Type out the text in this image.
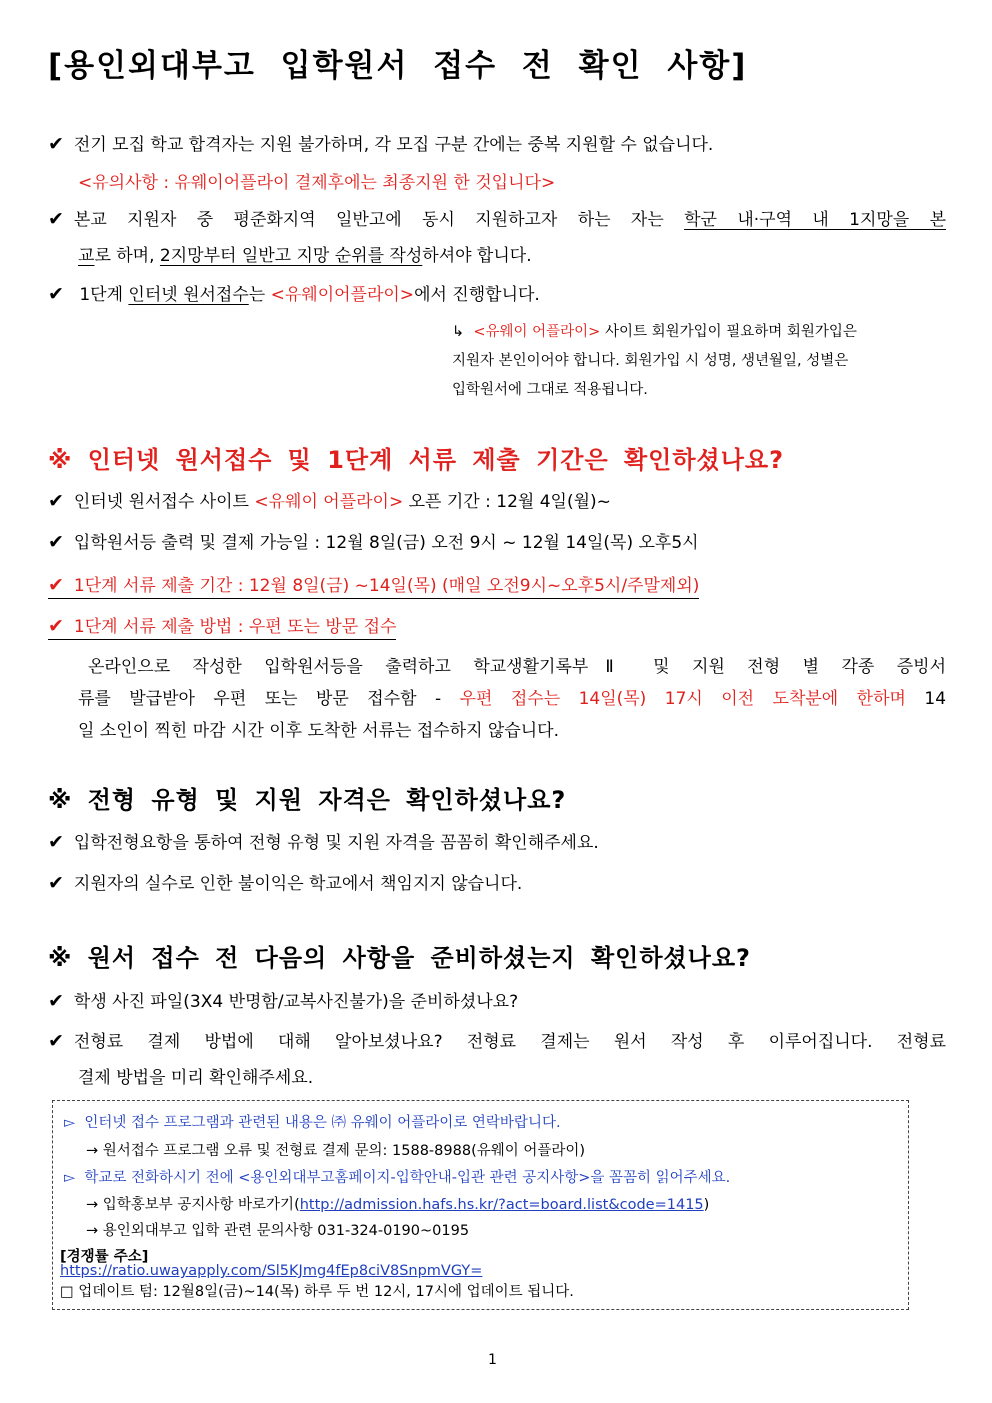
[용인외대부고 입학원서 접수 전 확인 사항]
✔ 전기 모집 학교 합격자는 지원 불가하며, 각 모집 구분 간에는 중복 지원할 수 없습니다.
<유의사항 : 유웨이어플라이 결제후에는 최종지원 한 것입니다>
✔ 본교 지원자 중 평준화지역 일반고에 동시 지원하고자 하는 자는 학군 내·구역 내 1지망을 본
교로 하며, 2지망부터 일반고 지망 순위를 작성하셔야 합니다.
✔ 1단계 인터넷 원서접수는 <유웨이어플라이>에서 진행합니다.
↳ <유웨이 어플라이> 사이트 회원가입이 필요하며 회원가입은
지원자 본인이어야 합니다. 회원가입 시 성명, 생년월일, 성별은
입학원서에 그대로 적용됩니다.
※ 인터넷 원서접수 및 1단계 서류 제출 기간은 확인하셨나요?
✔ 인터넷 원서접수 사이트 <유웨이 어플라이> 오픈 기간 : 12월 4일(월)~
✔ 입학원서등 출력 및 결제 가능일 : 12월 8일(금) 오전 9시 ~ 12월 14일(목) 오후5시
✔ 1단계 서류 제출 기간 : 12월 8일(금) ~14일(목) (매일 오전9시~오후5시/주말제외)
✔ 1단계 서류 제출 방법 : 우편 또는 방문 접수
온라인으로 작성한 입학원서등을 출력하고 학교생활기록부Ⅱ 및 지원 전형 별 각종 증빙서
류를 발급받아 우편 또는 방문 접수함 - 우편 접수는 14일(목) 17시 이전 도착분에 한하며 14
일 소인이 찍힌 마감 시간 이후 도착한 서류는 접수하지 않습니다.
※ 전형 유형 및 지원 자격은 확인하셨나요?
✔ 입학전형요항을 통하여 전형 유형 및 지원 자격을 꼼꼼히 확인해주세요.
✔ 지원자의 실수로 인한 불이익은 학교에서 책임지지 않습니다.
※ 원서 접수 전 다음의 사항을 준비하셨는지 확인하셨나요?
✔ 학생 사진 파일(3X4 반명함/교복사진불가)을 준비하셨나요?
✔ 전형료 결제 방법에 대해 알아보셨나요? 전형료 결제는 원서 작성 후 이루어집니다. 전형료
결제 방법을 미리 확인해주세요.
▻ 인터넷 접수 프로그램과 관련된 내용은 ㈜ 유웨이 어플라이로 연락바랍니다.
→ 원서접수 프로그램 오류 및 전형료 결제 문의: 1588-8988(유웨이 어플라이)
▻ 학교로 전화하시기 전에 <용인외대부고홈페이지-입학안내-입관 관련 공지사항>을 꼼꼼히 읽어주세요.
→ 입학홍보부 공지사항 바로가기(http://admission.hafs.hs.kr/?act=board.list&code=1415)
→ 용인외대부고 입학 관련 문의사항 031-324-0190~0195
[경쟁률 주소]
https://ratio.uwayapply.com/Sl5KJmg4fEp8ciV8SnpmVGY=
□ 업데이트 텀: 12월8일(금)~14(목) 하루 두 번 12시, 17시에 업데이트 됩니다.
1
